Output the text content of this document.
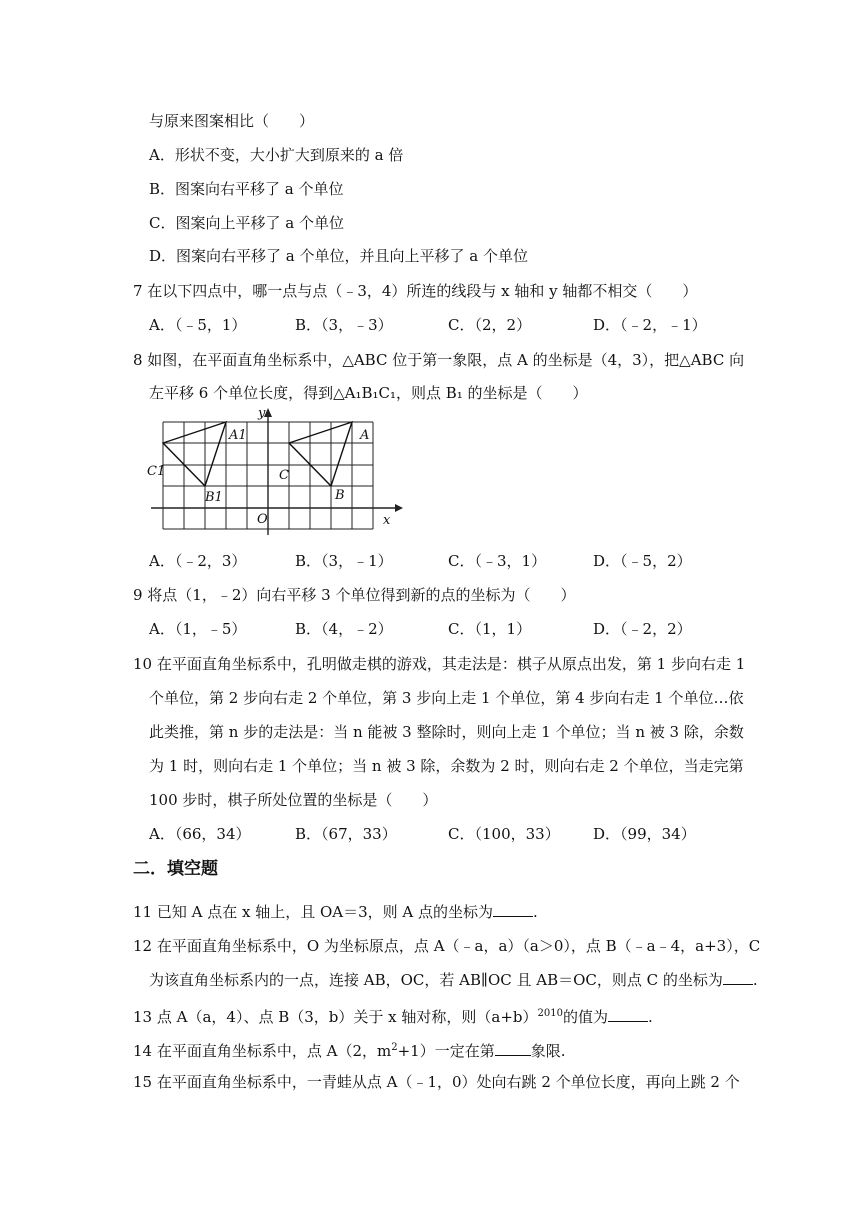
与原来图案相比（　　）
A．形状不变，大小扩大到原来的 a 倍
B．图案向右平移了 a 个单位
C．图案向上平移了 a 个单位
D．图案向右平移了 a 个单位，并且向上平移了 a 个单位
7 在以下四点中，哪一点与点（﹣3，4）所连的线段与 x 轴和 y 轴都不相交（　　）
A．（﹣5，1）	B．（3，﹣3）	C．（2，2）	D．（﹣2，﹣1）
8 如图，在平面直角坐标系中，△ABC 位于第一象限，点 A 的坐标是（4，3），把△ABC 向
左平移 6 个单位长度，得到△A₁B₁C₁，则点 B₁ 的坐标是（　　）
y
x
O
A
B
C
A1
B1
C1
A．（﹣2，3）	B．（3，﹣1）	C．（﹣3，1）	D．（﹣5，2）
9 将点（1，﹣2）向右平移 3 个单位得到新的点的坐标为（　　）
A．（1，﹣5）	B．（4，﹣2）	C．（1，1）	D．（﹣2，2）
10 在平面直角坐标系中，孔明做走棋的游戏，其走法是：棋子从原点出发，第 1 步向右走 1
个单位，第 2 步向右走 2 个单位，第 3 步向上走 1 个单位，第 4 步向右走 1 个单位…依
此类推，第 n 步的走法是：当 n 能被 3 整除时，则向上走 1 个单位；当 n 被 3 除，余数
为 1 时，则向右走 1 个单位；当 n 被 3 除，余数为 2 时，则向右走 2 个单位，当走完第
100 步时，棋子所处位置的坐标是（　　）
A．（66，34）	B．（67，33）	C．（100，33） D．（99，34）
二．填空题
11 已知 A 点在 x 轴上，且 OA＝3，则 A 点的坐标为	.
12 在平面直角坐标系中，O 为坐标原点，点 A（﹣a，a）（a＞0），点 B（﹣a﹣4，a+3），C
为该直角坐标系内的一点，连接 AB，OC，若 AB∥OC 且 AB＝OC，则点 C 的坐标为 .
13 点 A（a，4）、点 B（3，b）关于 x 轴对称，则$(a+b)^{2010}$的值为	.
14 在平面直角坐标系中，点 A（2，$m^2+1$）一定在第 象限.
15 在平面直角坐标系中，一青蛙从点 A（﹣1，0）处向右跳 2 个单位长度，再向上跳 2 个
